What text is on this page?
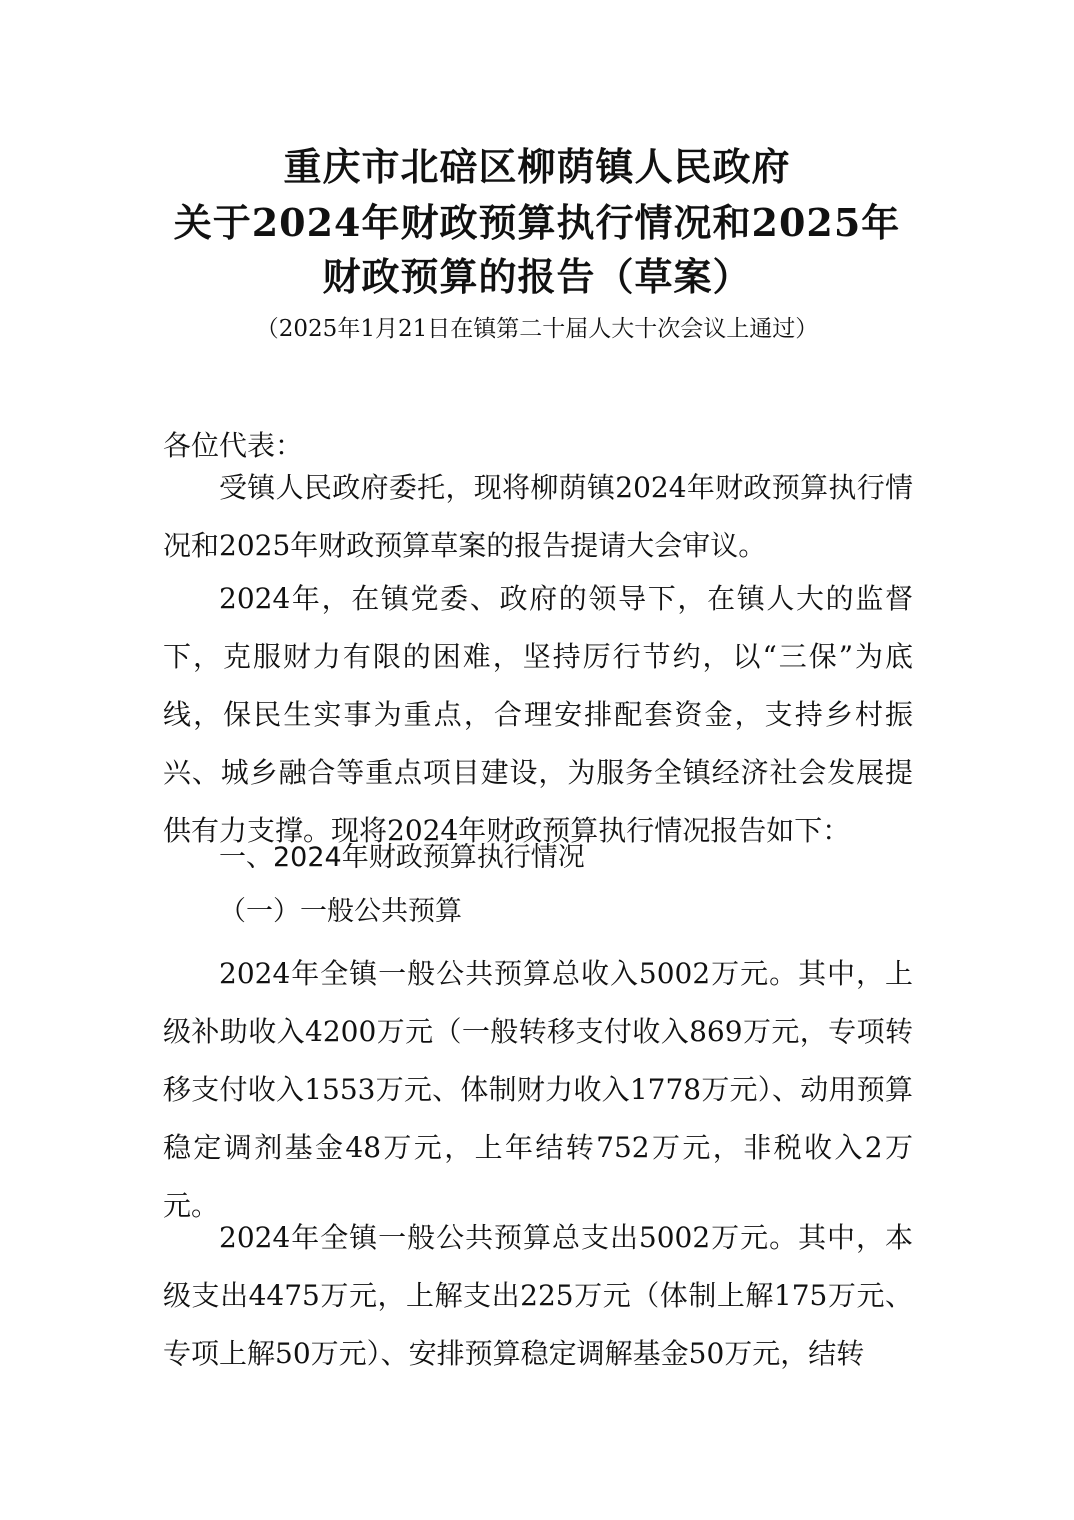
重庆市北碚区柳荫镇人民政府
关于2024年财政预算执行情况和2025年
财政预算的报告（草案）
（2025年1月21日在镇第二十届人大十次会议上通过）
各位代表：
受镇人民政府委托，现将柳荫镇2024年财政预算执行情况和2025年财政预算草案的报告提请大会审议。
2024年，在镇党委、政府的领导下，在镇人大的监督下，克服财力有限的困难，坚持厉行节约，以“三保”为底线，保民生实事为重点，合理安排配套资金，支持乡村振兴、城乡融合等重点项目建设，为服务全镇经济社会发展提供有力支撑。现将2024年财政预算执行情况报告如下：
一、2024年财政预算执行情况
（一）一般公共预算
2024年全镇一般公共预算总收入5002万元。其中，上级补助收入4200万元（一般转移支付收入869万元，专项转移支付收入1553万元、体制财力收入1778万元）、动用预算稳定调剂基金48万元，上年结转752万元，非税收入2万元。
2024年全镇一般公共预算总支出5002万元。其中，本级支出4475万元，上解支出225万元（体制上解175万元、专项上解50万元）、安排预算稳定调解基金50万元，结转
